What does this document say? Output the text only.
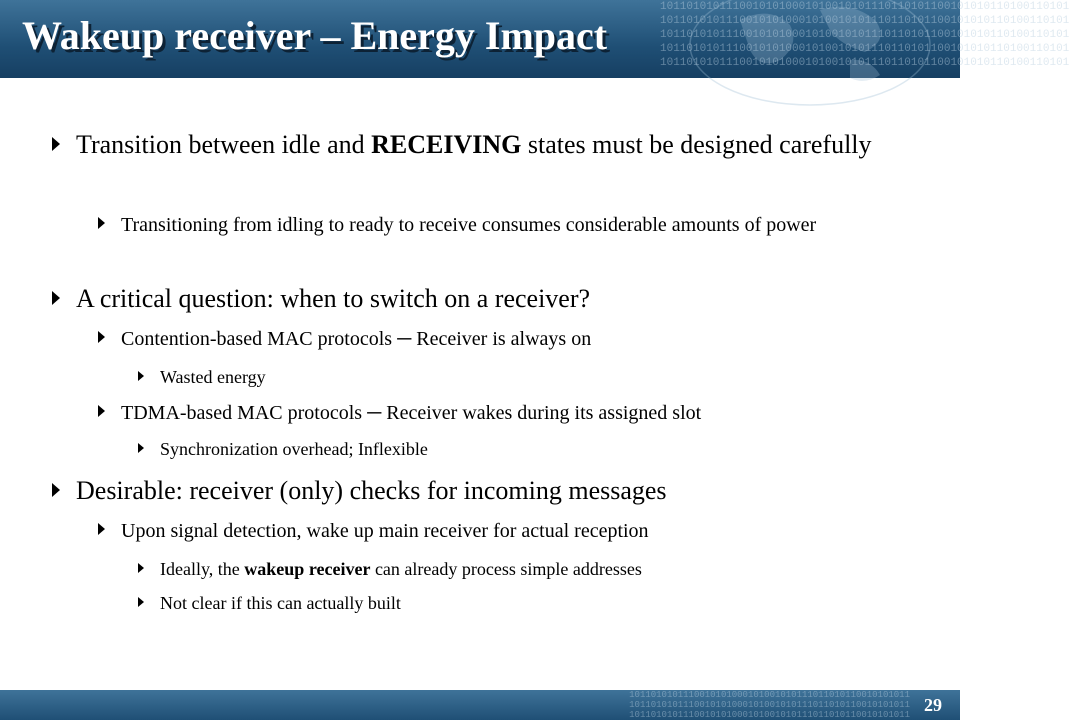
10110101011100101010001010010101110110101100101010110100110101
10110101011100101010001010010101110110101100101010110100110101
10110101011100101010001010010101110110101100101010110100110101
10110101011100101010001010010101110110101100101010110100110101
10110101011100101010001010010101110110101100101010110100110101
Wakeup receiver – Energy Impact
Transition between idle and RECEIVING states must be designed carefully
Transitioning from idling to ready to receive consumes considerable amounts of power
A critical question: when to switch on a receiver?
Contention-based MAC protocols ─ Receiver is always on
Wasted energy
TDMA-based MAC protocols ─ Receiver wakes during its assigned slot
Synchronization overhead; Inflexible
Desirable: receiver (only) checks for incoming messages
Upon signal detection, wake up main receiver for actual reception
Ideally, the wakeup receiver can already process simple addresses
Not clear if this can actually built
1011010101110010101000101001010111011010110010101011
1011010101110010101000101001010111011010110010101011
1011010101110010101000101001010111011010110010101011 29
